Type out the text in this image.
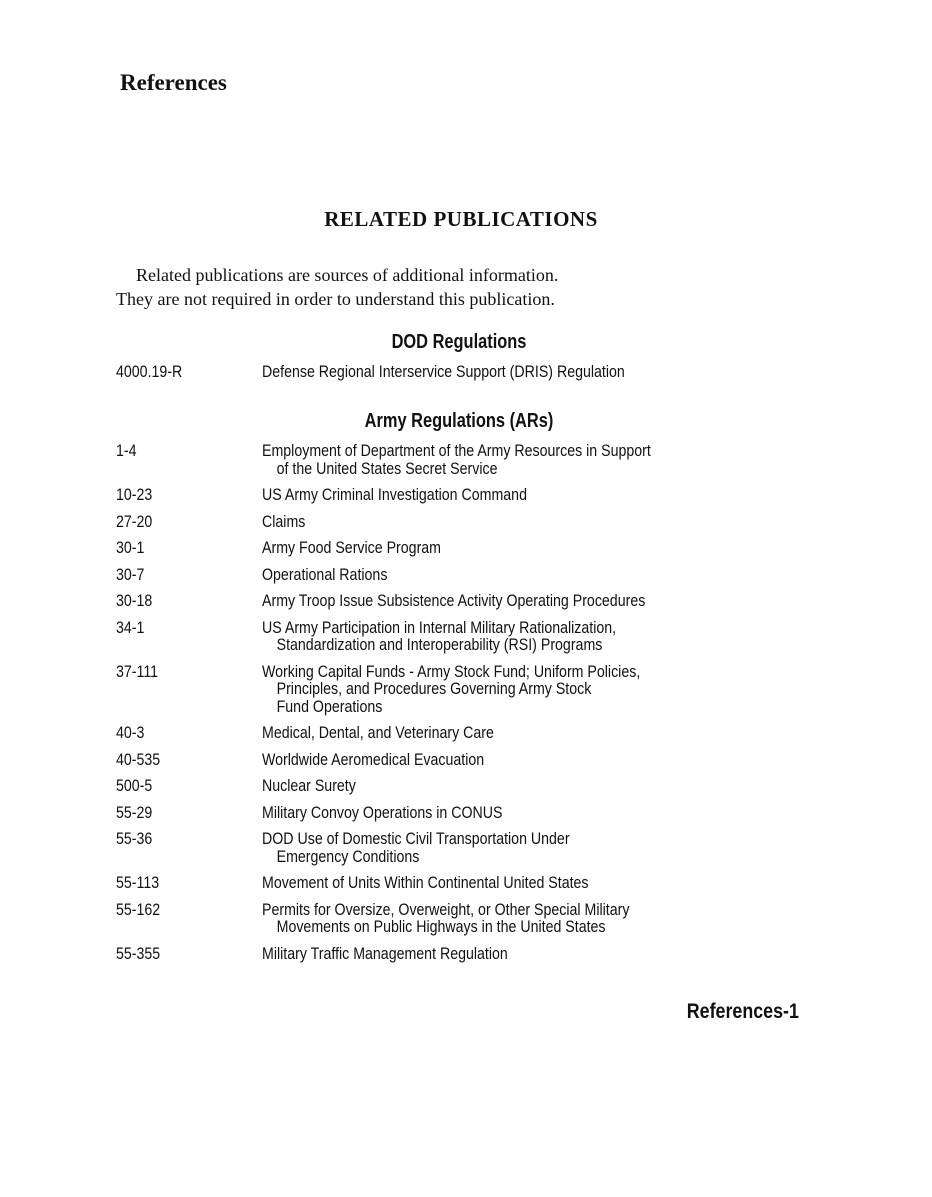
References
RELATED PUBLICATIONS

Related publications are sources of additional information.
They are not required in order to understand this publication.

DOD Regulations
4000.19-R	Defense Regional Interservice Support (DRIS) Regulation
Army Regulations (ARs)
1-4	Employment of Department of the Army Resources in Support
of the United States Secret Service
10-23	US Army Criminal Investigation Command
27-20	Claims
30-1	Army Food Service Program
30-7	Operational Rations
30-18	Army Troop Issue Subsistence Activity Operating Procedures
34-1	US Army Participation in Internal Military Rationalization,
Standardization and Interoperability (RSI) Programs
37-111	Working Capital Funds - Army Stock Fund; Uniform Policies,
Principles, and Procedures Governing Army Stock
Fund Operations
40-3	Medical, Dental, and Veterinary Care
40-535	Worldwide Aeromedical Evacuation
500-5	Nuclear Surety
55-29	Military Convoy Operations in CONUS
55-36	DOD Use of Domestic Civil Transportation Under
Emergency Conditions
55-113	Movement of Units Within Continental United States
55-162	Permits for Oversize, Overweight, or Other Special Military
Movements on Public Highways in the United States
55-355	Military Traffic Management Regulation
References-1
